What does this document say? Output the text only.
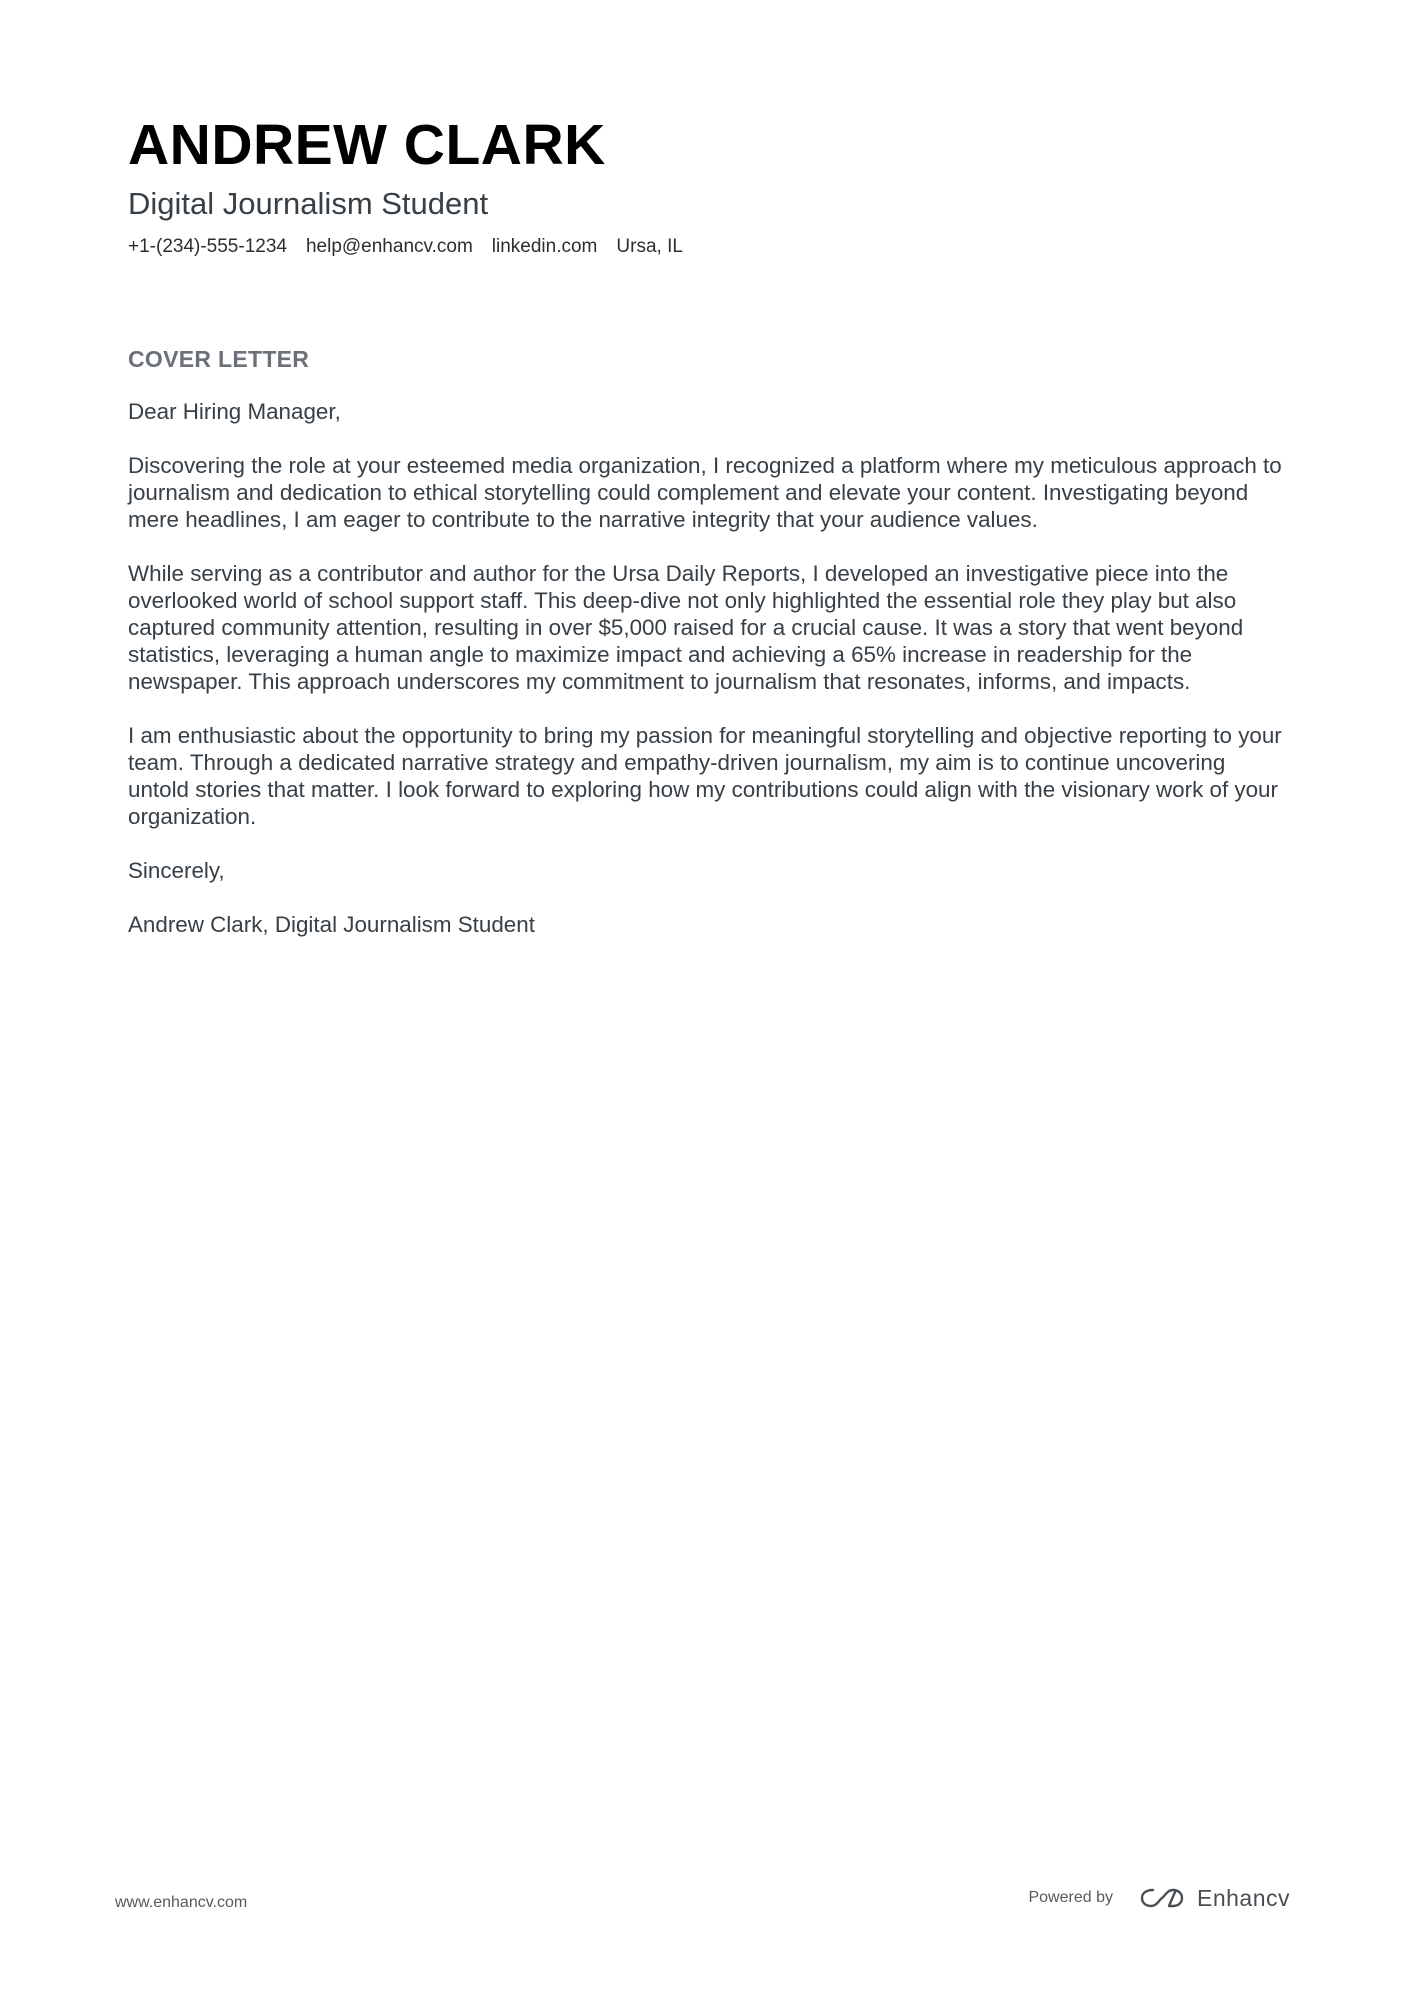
ANDREW CLARK
Digital Journalism Student
+1-(234)-555-1234 help@enhancv.com linkedin.com Ursa, IL
COVER LETTER

Dear Hiring Manager,

Discovering the role at your esteemed media organization, I recognized a platform where my meticulous approach to journalism and dedication to ethical storytelling could complement and elevate your content. Investigating beyond mere headlines, I am eager to contribute to the narrative integrity that your audience values.

While serving as a contributor and author for the Ursa Daily Reports, I developed an investigative piece into the overlooked world of school support staff. This deep-dive not only highlighted the essential role they play but also captured community attention, resulting in over $5,000 raised for a crucial cause. It was a story that went beyond statistics, leveraging a human angle to maximize impact and achieving a 65% increase in readership for the newspaper. This approach underscores my commitment to journalism that resonates, informs, and impacts.

I am enthusiastic about the opportunity to bring my passion for meaningful storytelling and objective reporting to your team. Through a dedicated narrative strategy and empathy-driven journalism, my aim is to continue uncovering untold stories that matter. I look forward to exploring how my contributions could align with the visionary work of your organization.

Sincerely,

Andrew Clark, Digital Journalism Student

www.enhancv.com	Powered by	Enhancv
